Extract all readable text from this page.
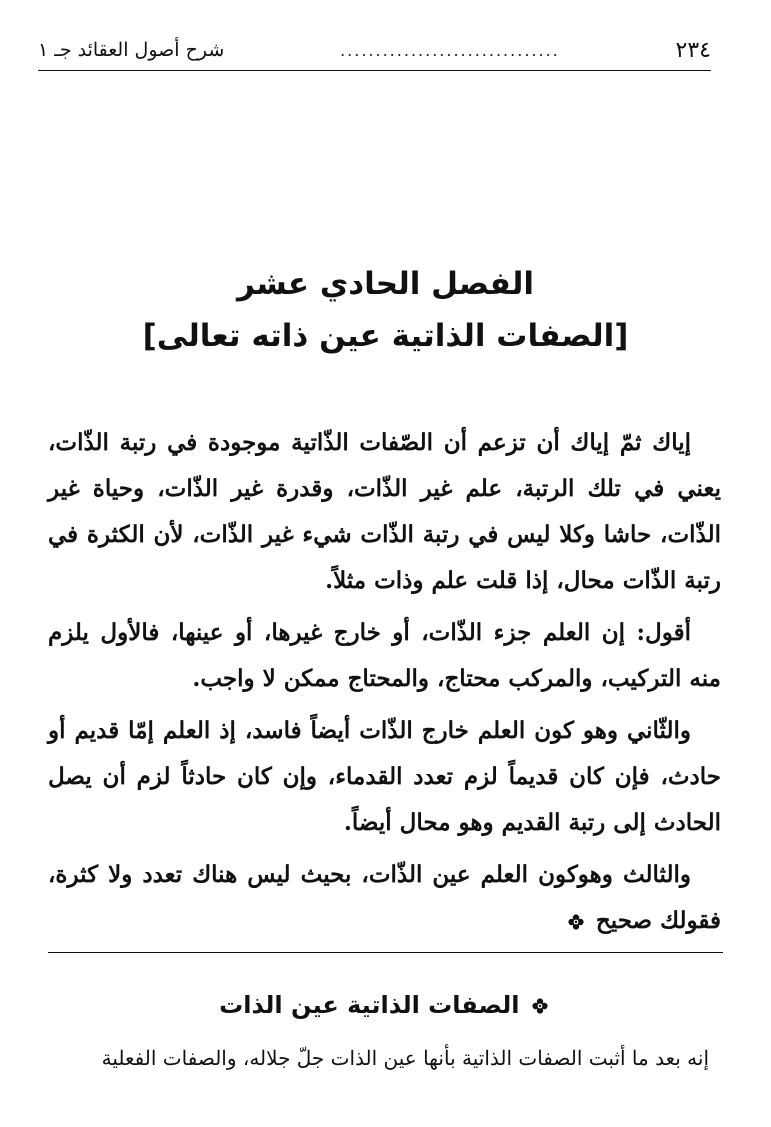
٢٣٤
...............................
شرح أصول العقائد جـ ١
الفصل الحادي عشر
[الصفات الذاتية عين ذاته تعالى]

إياك ثمّ إياك أن تزعم أن الصّفات الذّاتية موجودة في رتبة الذّات، يعني في تلك الرتبة، علم غير الذّات، وقدرة غير الذّات، وحياة غير الذّات، حاشا وكلا ليس في رتبة الذّات شيء غير الذّات، لأن الكثرة في رتبة الذّات محال، إذا قلت علم وذات مثلاً.

أقول: إن العلم جزء الذّات، أو خارج غيرها، أو عينها، فالأول يلزم منه التركيب، والمركب محتاج، والمحتاج ممكن لا واجب.

والثّاني وهو كون العلم خارج الذّات أيضاً فاسد، إذ العلم إمّا قديم أو حادث، فإن كان قديماً لزم تعدد القدماء، وإن كان حادثاً لزم أن يصل الحادث إلى رتبة القديم وهو محال أيضاً.

والثالث وهوكون العلم عين الذّات، بحيث ليس هناك تعدد ولا كثرة، فقولك صحيح

الصفات الذاتية عين الذات
إنه بعد ما أثبت الصفات الذاتية بأنها عين الذات جلّ جلاله، والصفات الفعلية
